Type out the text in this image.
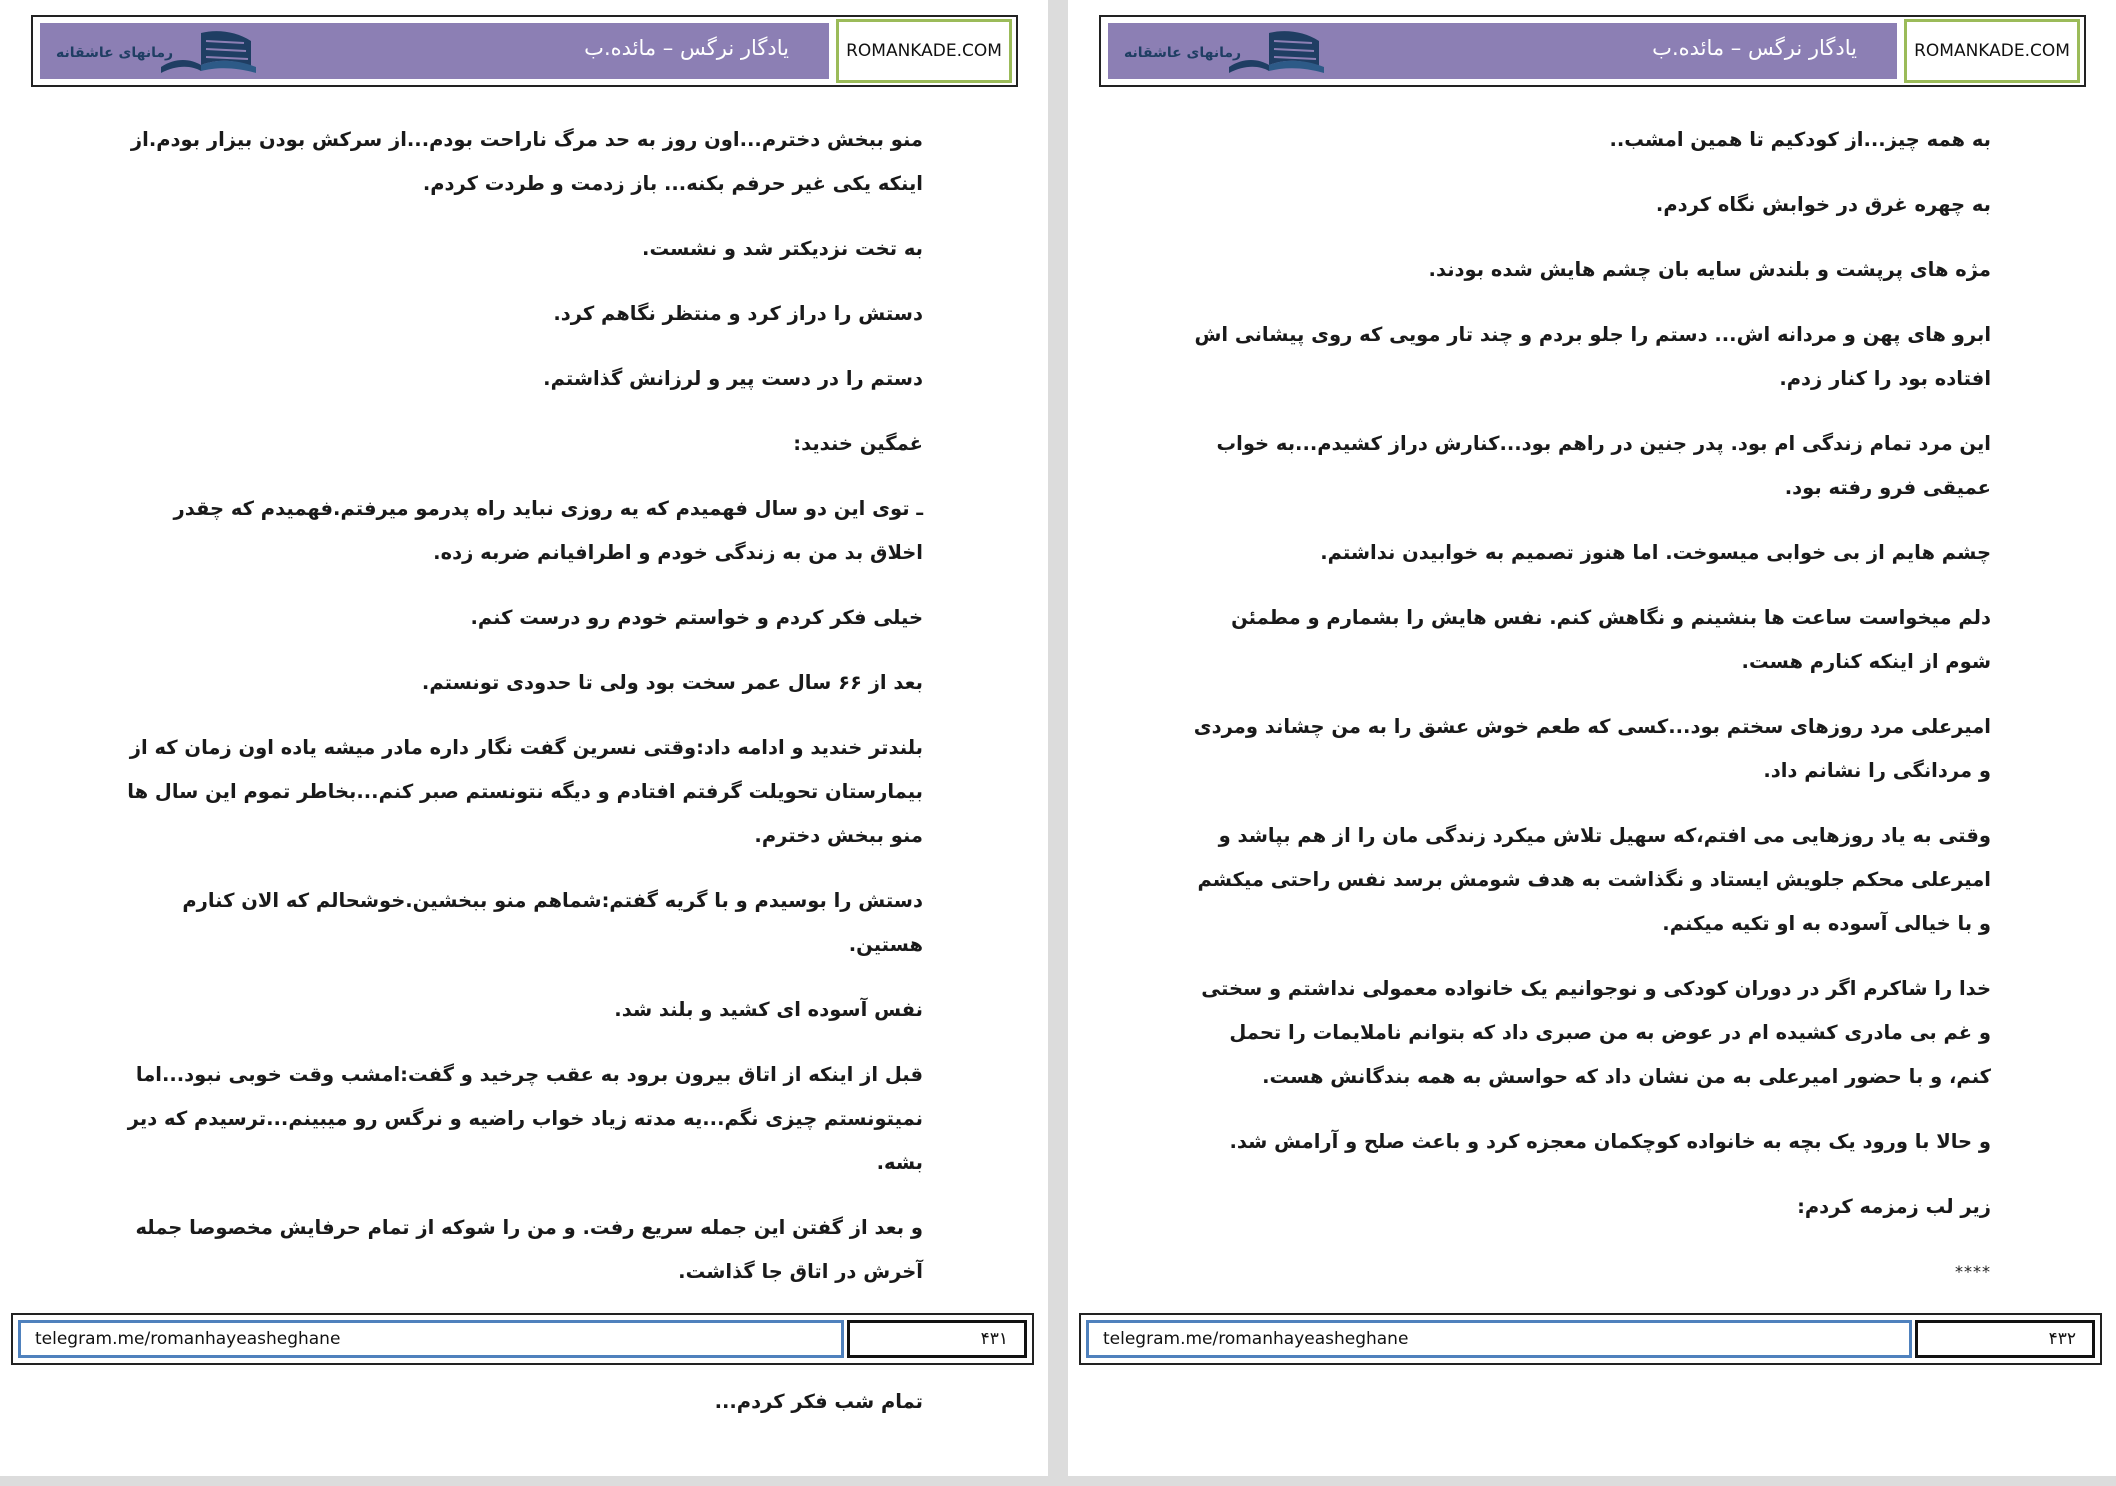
رمانهای عاشقانه	یادگار نرگس – مائده.ب	ROMANKADE.COM

منو ببخش دخترم...اون روز به حد مرگ ناراحت بودم...از سرکش بودن بیزار بودم.از اینکه یکی غیر حرفم بکنه... باز زدمت و طردت کردم.

به تخت نزدیکتر شد و نشست.

دستش را دراز کرد و منتظر نگاهم کرد.

دستم را در دست پیر و لرزانش گذاشتم.

غمگین خندید:

ـ توی این دو سال فهمیدم که یه روزی نباید راه پدرمو میرفتم.فهمیدم که چقدر اخلاق بد من به زندگی خودم و اطرافیانم ضربه زده.

خیلی فکر کردم و خواستم خودم رو درست کنم.

بعد از ۶۶ سال عمر سخت بود ولی تا حدودی تونستم.

بلندتر خندید و ادامه داد:وقتی نسرین گفت نگار داره مادر میشه یاده اون زمان که از بیمارستان تحویلت گرفتم افتادم و دیگه نتونستم صبر کنم...بخاطر تموم این سال ها منو ببخش دخترم.

دستش را بوسیدم و با گریه گفتم:شماهم منو ببخشین.خوشحالم که الان کنارم هستین.

نفس آسوده ای کشید و بلند شد.

قبل از اینکه از اتاق بیرون برود به عقب چرخید و گفت:امشب وقت خوبی نبود...اما نمیتونستم چیزی نگم...یه مدته زیاد خواب راضیه و نرگس رو میبینم...ترسیدم که دیر بشه.

و بعد از گفتن این جمله سریع رفت. و من را شوکه از تمام حرفایش مخصوصا جمله آخرش در اتاق جا گذاشت.

تمام شب فکر کردم...

telegram.me/romanhayeasheghane	۴۳۱
رمانهای عاشقانه	یادگار نرگس – مائده.ب	ROMANKADE.COM

به همه چیز...از کودکیم تا همین امشب..

به چهره غرق در خوابش نگاه کردم.

مژه های پرپشت و بلندش سایه بان چشم هایش شده بودند.

ابرو های پهن و مردانه اش... دستم را جلو بردم و چند تار مویی که روی پیشانی اش افتاده بود را کنار زدم.

این مرد تمام زندگی ام بود. پدر جنین در راهم بود...کنارش دراز کشیدم...به خواب عمیقی فرو رفته بود.

چشم هایم از بی خوابی میسوخت. اما هنوز تصمیم به خوابیدن نداشتم.

دلم میخواست ساعت ها بنشینم و نگاهش کنم. نفس هایش را بشمارم و مطمئن شوم از اینکه کنارم هست.

امیرعلی مرد روزهای سختم بود...کسی که طعم خوش عشق را به من چشاند ومردی و مردانگی را نشانم داد.

وقتی به یاد روزهایی می افتم،که سهیل تلاش میکرد زندگی مان را از هم بپاشد و امیرعلی محکم جلویش ایستاد و نگذاشت به هدف شومش برسد نفس راحتی میکشم و با خیالی آسوده به او تکیه میکنم.

خدا را شاکرم اگر در دوران کودکی و نوجوانیم یک خانواده معمولی نداشتم و سختی و غم بی مادری کشیده ام در عوض به من صبری داد که بتوانم ناملایمات را تحمل کنم، و با حضور امیرعلی به من نشان داد که حواسش به همه بندگانش هست.

و حالا با ورود یک بچه به خانواده کوچکمان معجزه کرد و باعث صلح و آرامش شد.

زیر لب زمزمه کردم:

****

telegram.me/romanhayeasheghane	۴۳۲
